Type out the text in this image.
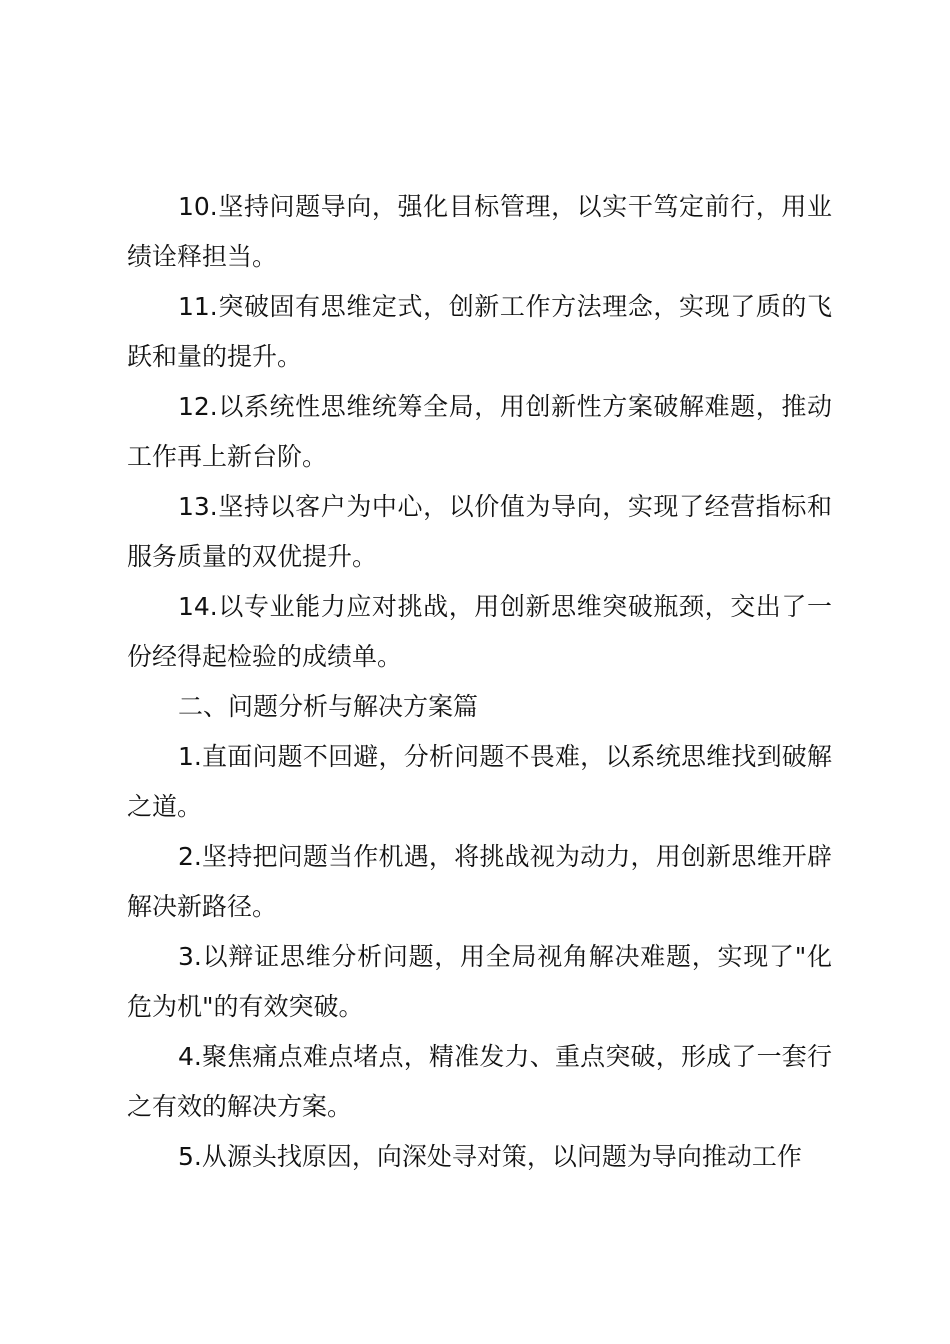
10.坚持问题导向，强化目标管理，以实干笃定前行，用业绩诠释担当。

11.突破固有思维定式，创新工作方法理念，实现了质的飞跃和量的提升。

12.以系统性思维统筹全局，用创新性方案破解难题，推动工作再上新台阶。

13.坚持以客户为中心，以价值为导向，实现了经营指标和服务质量的双优提升。

14.以专业能力应对挑战，用创新思维突破瓶颈，交出了一份经得起检验的成绩单。

二、问题分析与解决方案篇

1.直面问题不回避，分析问题不畏难，以系统思维找到破解之道。

2.坚持把问题当作机遇，将挑战视为动力，用创新思维开辟解决新路径。

3.以辩证思维分析问题，用全局视角解决难题，实现了"化危为机"的有效突破。

4.聚焦痛点难点堵点，精准发力、重点突破，形成了一套行之有效的解决方案。

5.从源头找原因，向深处寻对策，以问题为导向推动工作
